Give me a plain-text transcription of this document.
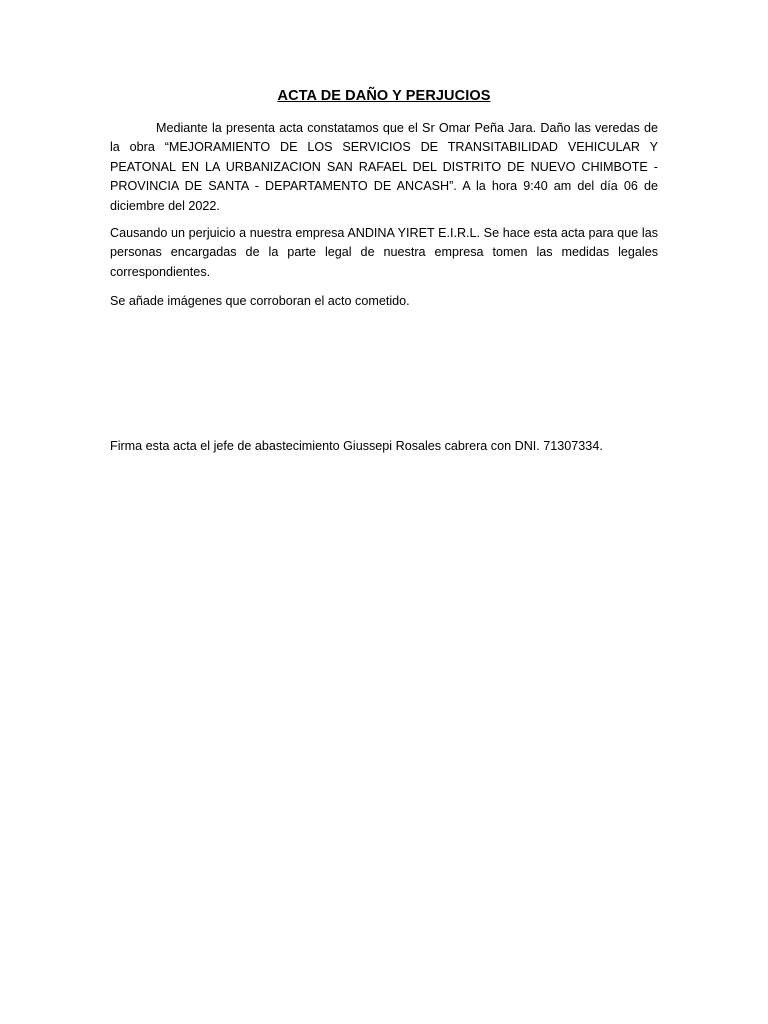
ACTA DE DAÑO Y PERJUCIOS
Mediante la presenta acta constatamos que el Sr Omar Peña Jara. Daño las veredas de la obra “MEJORAMIENTO DE LOS SERVICIOS DE TRANSITABILIDAD VEHICULAR Y PEATONAL EN LA URBANIZACION SAN RAFAEL DEL DISTRITO DE NUEVO CHIMBOTE - PROVINCIA DE SANTA - DEPARTAMENTO DE ANCASH”. A la hora 9:40 am del día 06 de diciembre del 2022.
Causando un perjuicio a nuestra empresa ANDINA YIRET E.I.R.L. Se hace esta acta para que las personas encargadas de la parte legal de nuestra empresa tomen las medidas legales correspondientes.
Se añade imágenes que corroboran el acto cometido.
Firma esta acta el jefe de abastecimiento Giussepi Rosales cabrera con DNI. 71307334.
